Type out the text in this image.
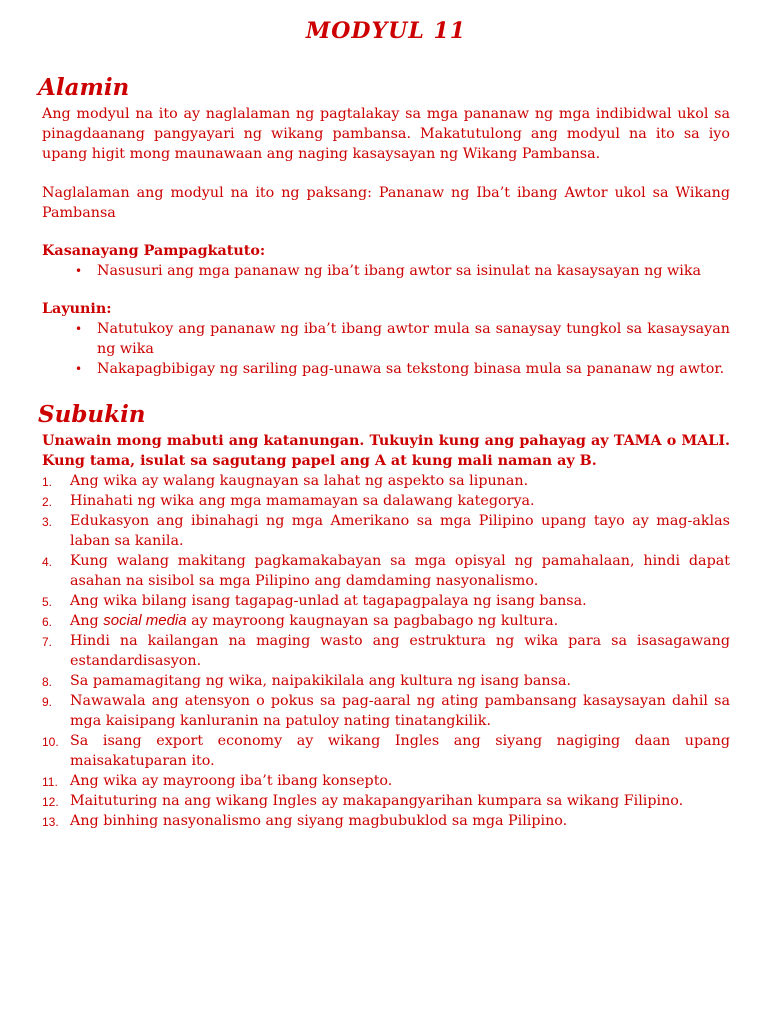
MODYUL 11
Alamin

Ang modyul na ito ay naglalaman ng pagtalakay sa mga pananaw ng mga indibidwal ukol sa pinagdaanang pangyayari ng wikang pambansa. Makatutulong ang modyul na ito sa iyo upang higit mong maunawaan ang naging kasaysayan ng Wikang Pambansa.

Naglalaman ang modyul na ito ng paksang: Pananaw ng Iba’t ibang Awtor ukol sa Wikang Pambansa

Kasanayang Pampagkatuto:
• Nasusuri ang mga pananaw ng iba’t ibang awtor sa isinulat na kasaysayan ng wika
Layunin:
• Natutukoy ang pananaw ng iba’t ibang awtor mula sa sanaysay tungkol sa kasaysayan ng wika
• Nakapagbibigay ng sariling pag-unawa sa tekstong binasa mula sa pananaw ng awtor.
Subukin

Unawain mong mabuti ang katanungan. Tukuyin kung ang pahayag ay TAMA o MALI. Kung tama, isulat sa sagutang papel ang A at kung mali naman ay B.

1. Ang wika ay walang kaugnayan sa lahat ng aspekto sa lipunan.
2. Hinahati ng wika ang mga mamamayan sa dalawang kategorya.
3. Edukasyon ang ibinahagi ng mga Amerikano sa mga Pilipino upang tayo ay mag-aklas laban sa kanila.
4. Kung walang makitang pagkamakabayan sa mga opisyal ng pamahalaan, hindi dapat asahan na sisibol sa mga Pilipino ang damdaming nasyonalismo.
5. Ang wika bilang isang tagapag-unlad at tagapagpalaya ng isang bansa.
6. Ang social media ay mayroong kaugnayan sa pagbabago ng kultura.
7. Hindi na kailangan na maging wasto ang estruktura ng wika para sa isasagawang estandardisasyon.
8. Sa pamamagitang ng wika, naipakikilala ang kultura ng isang bansa.
9. Nawawala ang atensyon o pokus sa pag-aaral ng ating pambansang kasaysayan dahil sa mga kaisipang kanluranin na patuloy nating tinatangkilik.
10. Sa isang export economy ay wikang Ingles ang siyang nagiging daan upang maisakatuparan ito.
11. Ang wika ay mayroong iba’t ibang konsepto.
12. Maituturing na ang wikang Ingles ay makapangyarihan kumpara sa wikang Filipino.
13. Ang binhing nasyonalismo ang siyang magbubuklod sa mga Pilipino.
